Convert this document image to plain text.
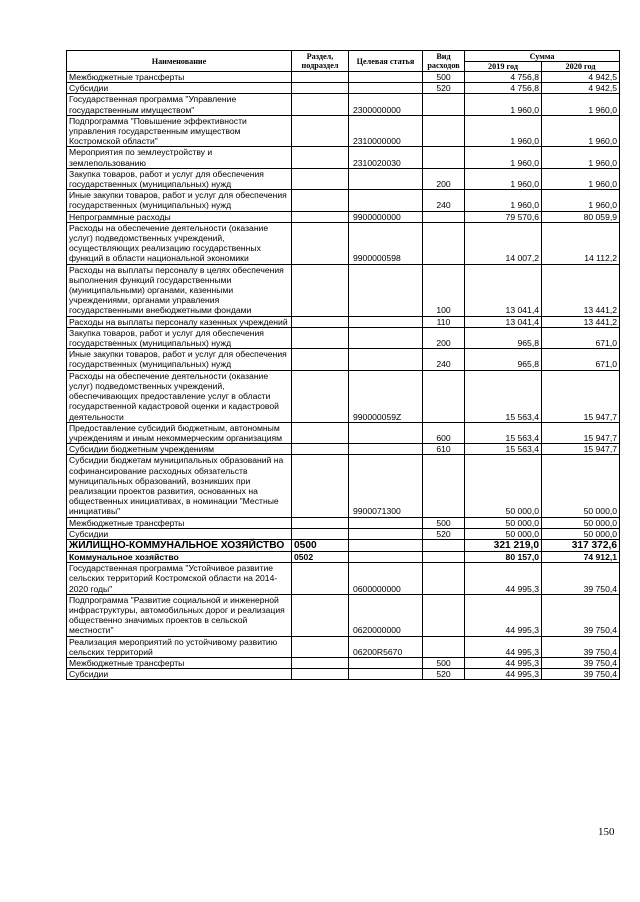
Наименование	Раздел, подраздел	Целевая статья	Вид расходов	Сумма	
				2019 год	2020 год
Межбюджетные трансферты			500	4 756,8	4 942,5
Субсидии			520	4 756,8	4 942,5
Государственная программа "Управление государственным имуществом"		2300000000		1 960,0	1 960,0
Подпрограмма "Повышение эффективности управления государственным имуществом Костромской области"		2310000000		1 960,0	1 960,0
Мероприятия по землеустройству и землепользованию		2310020030		1 960,0	1 960,0
Закупка товаров, работ и услуг для обеспечения государственных (муниципальных) нужд			200	1 960,0	1 960,0
Иные закупки товаров, работ и услуг для обеспечения государственных (муниципальных) нужд			240	1 960,0	1 960,0
Непрограммные расходы		9900000000		79 570,6	80 059,9
Расходы на обеспечение деятельности (оказание услуг) подведомственных учреждений, осуществляющих реализацию государственных функций в области национальной экономики		9900000598		14 007,2	14 112,2
Расходы на выплаты персоналу в целях обеспечения выполнения функций государственными (муниципальными) органами, казенными учреждениями, органами управления государственными внебюджетными фондами			100	13 041,4	13 441,2
Расходы на выплаты персоналу казенных учреждений			110	13 041,4	13 441,2
Закупка товаров, работ и услуг для обеспечения государственных (муниципальных) нужд			200	965,8	671,0
Иные закупки товаров, работ и услуг для обеспечения государственных (муниципальных) нужд			240	965,8	671,0
Расходы на обеспечение деятельности (оказание услуг) подведомственных учреждений, обеспечивающих предоставление услуг в области государственной кадастровой оценки и кадастровой деятельности		990000059Z		15 563,4	15 947,7
Предоставление субсидий бюджетным, автономным учреждениям и иным некоммерческим организациям			600	15 563,4	15 947,7
Субсидии бюджетным учреждениям			610	15 563,4	15 947,7
Субсидии бюджетам муниципальных образований на софинансирование расходных обязательств муниципальных образований, возникших при реализации проектов развития, основанных на общественных инициативах, в номинации "Местные инициативы"		9900071300		50 000,0	50 000,0
Межбюджетные трансферты			500	50 000,0	50 000,0
Субсидии			520	50 000,0	50 000,0
ЖИЛИЩНО-КОММУНАЛЬНОЕ ХОЗЯЙСТВО	0500			321 219,0	317 372,6
Коммунальное хозяйство	0502			80 157,0	74 912,1
Государственная программа "Устойчивое развитие сельских территорий Костромской области на 2014-2020 годы"		0600000000		44 995,3	39 750,4
Подпрограмма "Развитие социальной и инженерной инфраструктуры, автомобильных дорог и реализация общественно значимых проектов в сельской местности"		0620000000		44 995,3	39 750,4
Реализация мероприятий по устойчивому развитию сельских территорий		06200R5670		44 995,3	39 750,4
Межбюджетные трансферты			500	44 995,3	39 750,4
Субсидии			520	44 995,3	39 750,4
150
